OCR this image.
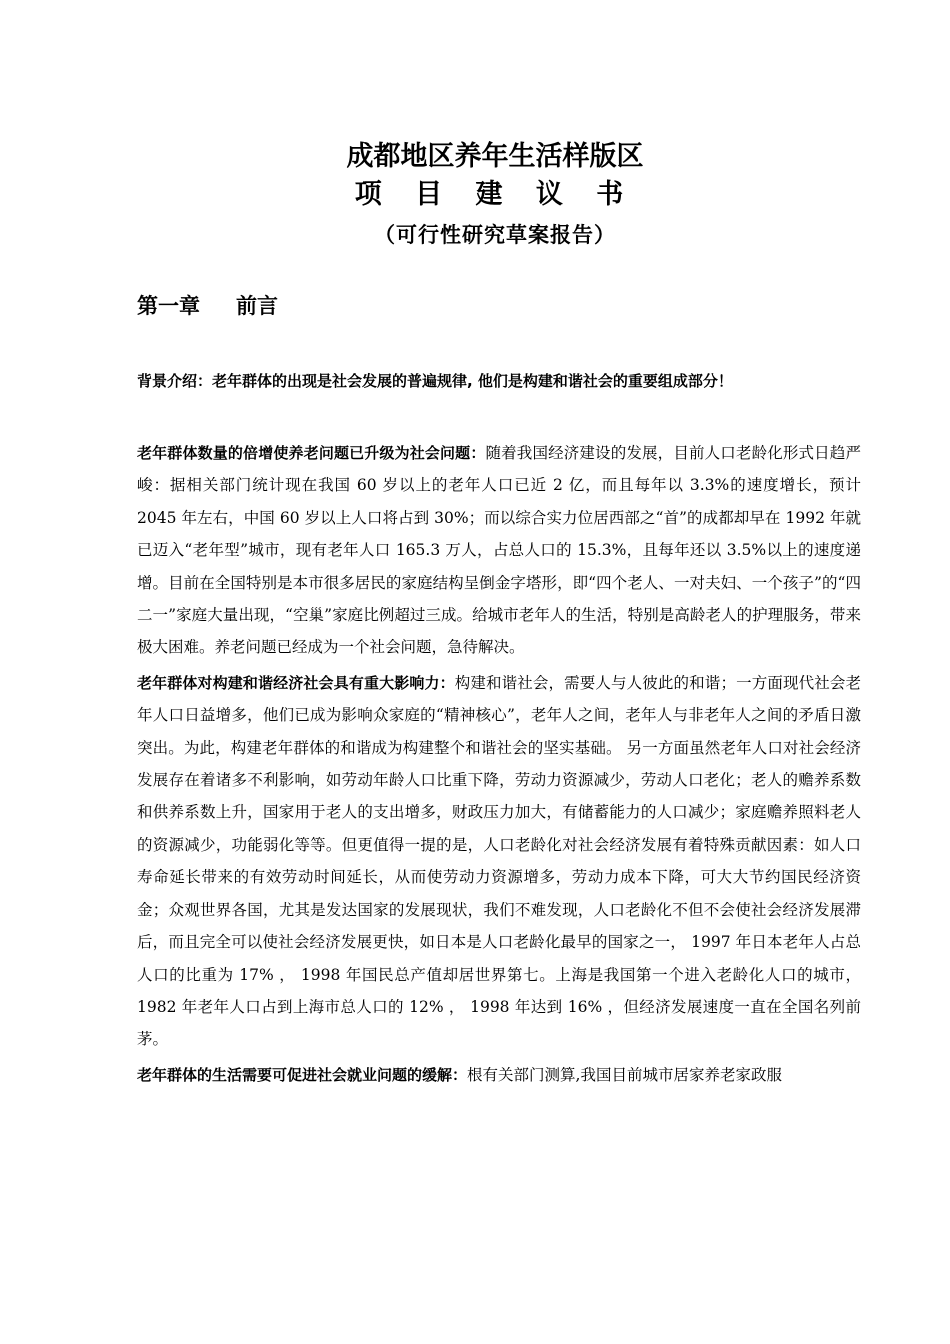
成都地区养年生活样版区
项 目 建 议 书
（可行性研究草案报告）
第一章 前言
背景介绍：老年群体的出现是社会发展的普遍规律, 他们是构建和谐社会的重要组成部分！

老年群体数量的倍增使养老问题已升级为社会问题：随着我国经济建设的发展，目前人口老龄化形式日趋严峻：据相关部门统计现在我国 60 岁以上的老年人口已近 2 亿，而且每年以 3.3%的速度增长，预计 2045 年左右，中国 60 岁以上人口将占到 30%；而以综合实力位居西部之“首”的成都却早在 1992 年就已迈入“老年型”城市，现有老年人口 165.3 万人，占总人口的 15.3%，且每年还以 3.5%以上的速度递增。目前在全国特别是本市很多居民的家庭结构呈倒金字塔形，即“四个老人、一对夫妇、一个孩子”的“四二一”家庭大量出现，“空巢”家庭比例超过三成。给城市老年人的生活，特别是高龄老人的护理服务，带来极大困难。养老问题已经成为一个社会问题，急待解决。

老年群体对构建和谐经济社会具有重大影响力：构建和谐社会，需要人与人彼此的和谐；一方面现代社会老年人口日益增多，他们已成为影响众家庭的“精神核心”，老年人之间，老年人与非老年人之间的矛盾日激突出。为此，构建老年群体的和谐成为构建整个和谐社会的坚实基础。 另一方面虽然老年人口对社会经济发展存在着诸多不利影响，如劳动年龄人口比重下降，劳动力资源减少，劳动人口老化；老人的赡养系数和供养系数上升，国家用于老人的支出增多，财政压力加大，有储蓄能力的人口减少；家庭赡养照料老人的资源减少，功能弱化等等。但更值得一提的是，人口老龄化对社会经济发展有着特殊贡献因素：如人口寿命延长带来的有效劳动时间延长，从而使劳动力资源增多，劳动力成本下降，可大大节约国民经济资金；众观世界各国，尤其是发达国家的发展现状，我们不难发现，人口老龄化不但不会使社会经济发展滞后，而且完全可以使社会经济发展更快，如日本是人口老龄化最早的国家之一， 1997 年日本老年人占总人口的比重为 17% ， 1998 年国民总产值却居世界第七。上海是我国第一个进入老龄化人口的城市， 1982 年老年人口占到上海市总人口的 12% ， 1998 年达到 16% ，但经济发展速度一直在全国名列前茅。

老年群体的生活需要可促进社会就业问题的缓解：根有关部门测算,我国目前城市居家养老家政服
